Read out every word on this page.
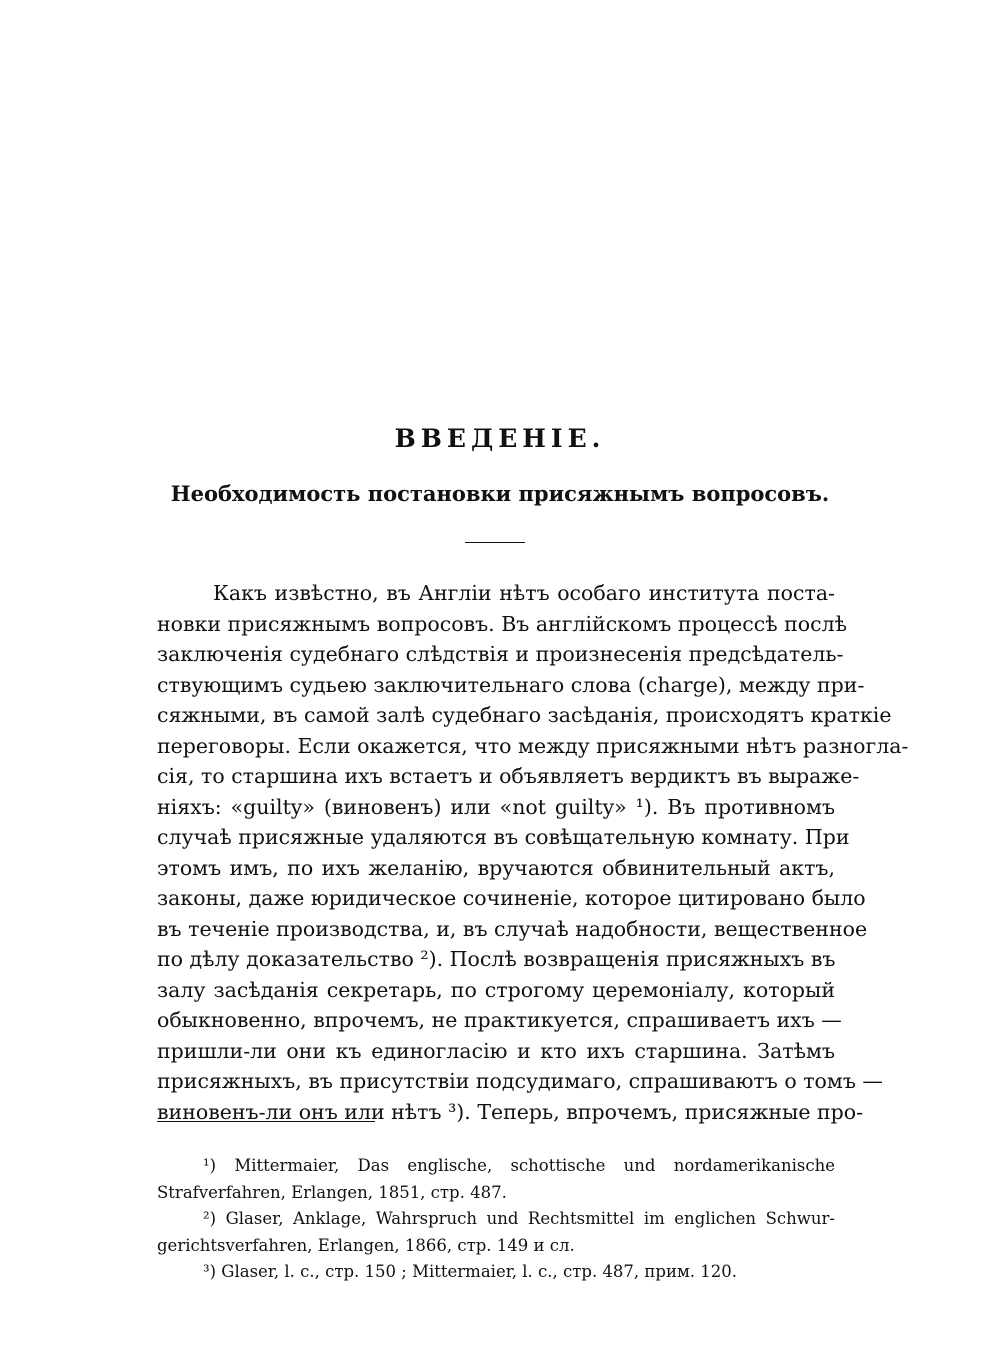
ВВЕДЕНІЕ.
Необходимость постановки присяжнымъ вопросовъ.
Какъ извѣстно, въ Англіи нѣтъ особаго института поста-
новки присяжнымъ вопросовъ. Въ англійскомъ процессѣ послѣ
заключенія судебнаго слѣдствія и произнесенія предсѣдатель-
ствующимъ судьею заключительнаго слова (charge), между при-
сяжными, въ самой залѣ судебнаго засѣданія, происходятъ краткіе
переговоры. Если окажется, что между присяжными нѣтъ разногла-
сія, то старшина ихъ встаетъ и объявляетъ вердиктъ въ выраже-
ніяхъ: «guilty» (виновенъ) или «not guilty» ¹). Въ противномъ
случаѣ присяжные удаляются въ совѣщательную комнату. При
этомъ имъ, по ихъ желанію, вручаются обвинительный актъ,
законы, даже юридическое сочиненіе, которое цитировано было
въ теченіе производства, и, въ случаѣ надобности, вещественное
по дѣлу доказательство ²). Послѣ возвращенія присяжныхъ въ
залу засѣданія секретарь, по строгому церемоніалу, который
обыкновенно, впрочемъ, не практикуется, спрашиваетъ ихъ —
пришли-ли они къ единогласію и кто ихъ старшина. Затѣмъ
присяжныхъ, въ присутствіи подсудимаго, спрашиваютъ о томъ —
виновенъ-ли онъ или нѣтъ ³). Теперь, впрочемъ, присяжные про-
¹) Mittermaier, Das englische, schottische und nordamerikanische
Strafverfahren, Erlangen, 1851, стр. 487.
²) Glaser, Anklage, Wahrspruch und Rechtsmittel im englichen Schwur-
gerichtsverfahren, Erlangen, 1866, стр. 149 и сл.
³) Glaser, l. c., стр. 150 ; Mittermaier, l. c., стр. 487, прим. 120.
